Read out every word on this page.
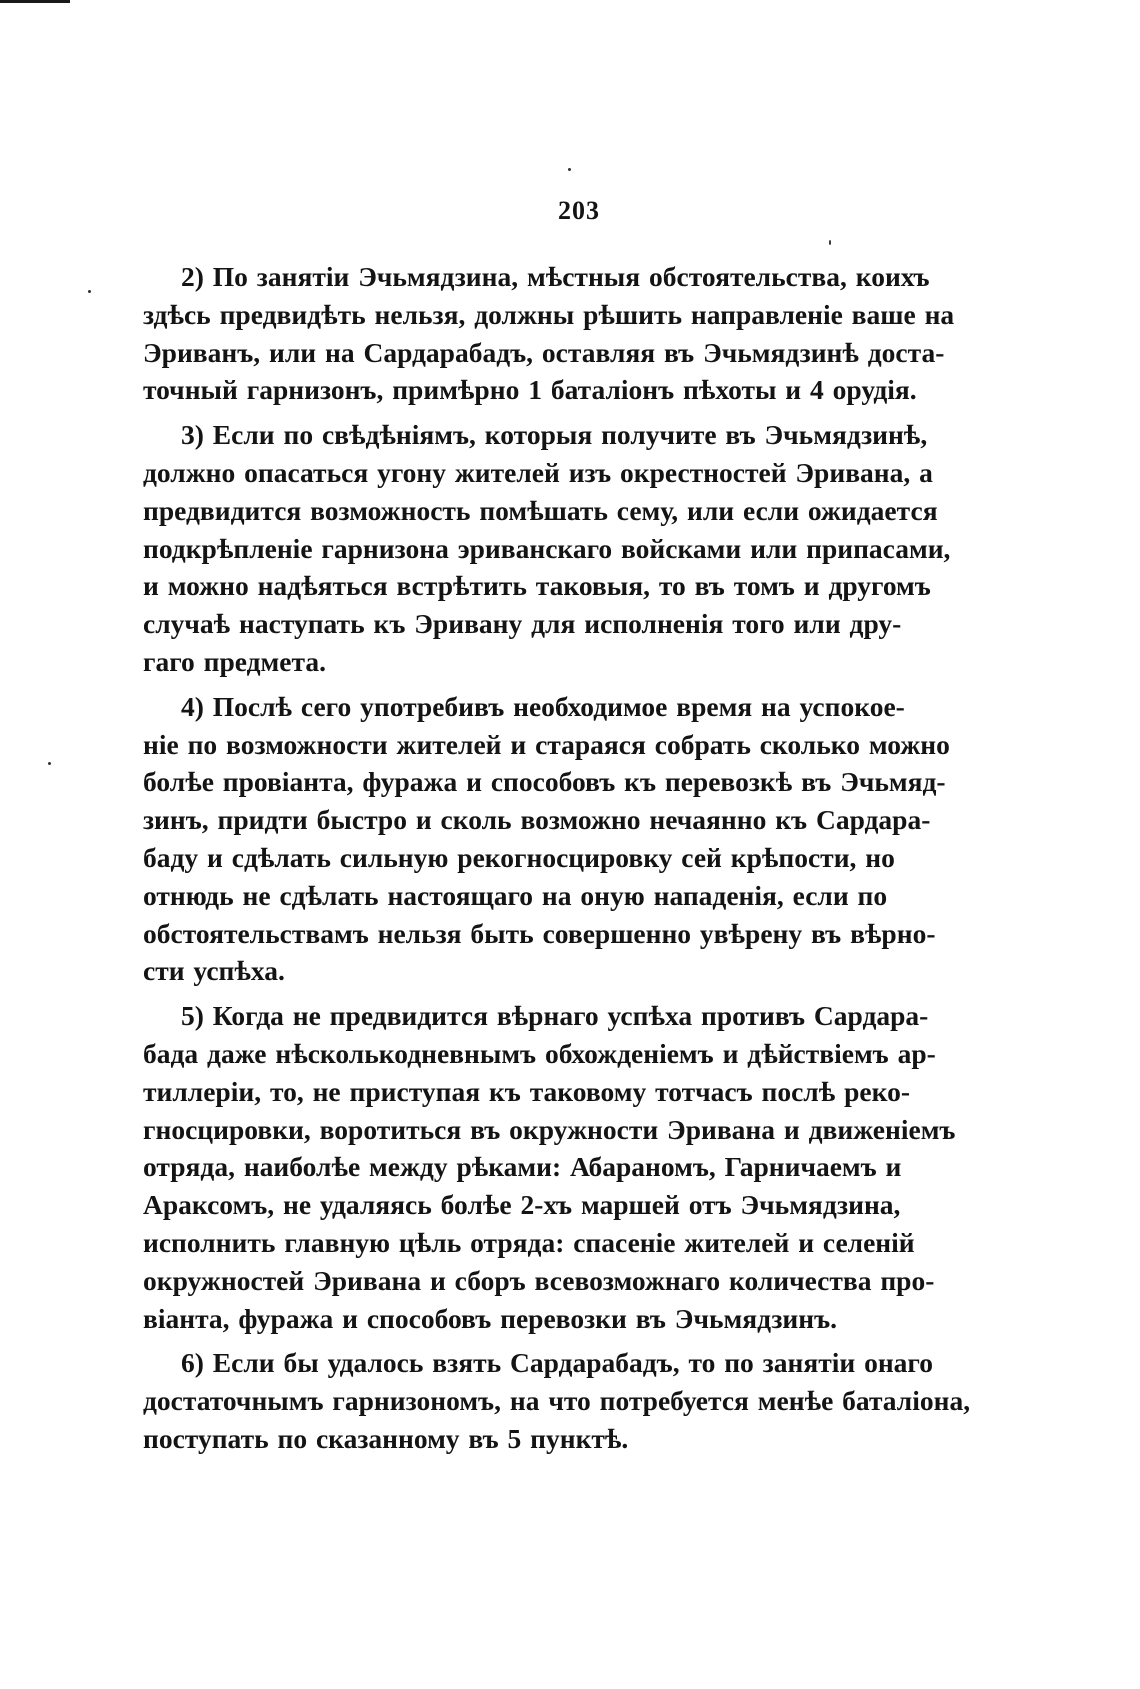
203
2) По занятіи Эчьмядзина, мѣстныя обстоятельства, коихъ
здѣсь предвидѣть нельзя, должны рѣшить направленіе ваше на
Эриванъ, или на Сардарабадъ, оставляя въ Эчьмядзинѣ доста-
точный гарнизонъ, примѣрно 1 баталіонъ пѣхоты и 4 орудія.
3) Если по свѣдѣніямъ, которыя получите въ Эчьмядзинѣ,
должно опасаться угону жителей изъ окрестностей Эривана, а
предвидится возможность помѣшать сему, или если ожидается
подкрѣпленіе гарнизона эриванскаго войсками или припасами,
и можно надѣяться встрѣтить таковыя, то въ томъ и другомъ
случаѣ наступать къ Эривану для исполненія того или дру-
гаго предмета.
4) Послѣ сего употребивъ необходимое время на успокое-
ніе по возможности жителей и стараяся собрать сколько можно
болѣе провіанта, фуража и способовъ къ перевозкѣ въ Эчьмяд-
зинъ, придти быстро и сколь возможно нечаянно къ Сардара-
баду и сдѣлать сильную рекогносцировку сей крѣпости, но
отнюдь не сдѣлать настоящаго на оную нападенія, если по
обстоятельствамъ нельзя быть совершенно увѣрену въ вѣрно-
сти успѣха.
5) Когда не предвидится вѣрнаго успѣха противъ Сардара-
бада даже нѣсколькодневнымъ обхожденіемъ и дѣйствіемъ ар-
тиллеріи, то, не приступая къ таковому тотчасъ послѣ реко-
гносцировки, воротиться въ окружности Эривана и движеніемъ
отряда, наиболѣе между рѣками: Абараномъ, Гарничаемъ и
Араксомъ, не удаляясь болѣе 2-хъ маршей отъ Эчьмядзина,
исполнить главную цѣль отряда: спасеніе жителей и селеній
окружностей Эривана и сборъ всевозможнаго количества про-
віанта, фуража и способовъ перевозки въ Эчьмядзинъ.
6) Если бы удалось взять Сардарабадъ, то по занятіи онаго
достаточнымъ гарнизономъ, на что потребуется менѣе баталіона,
поступать по сказанному въ 5 пунктѣ.
